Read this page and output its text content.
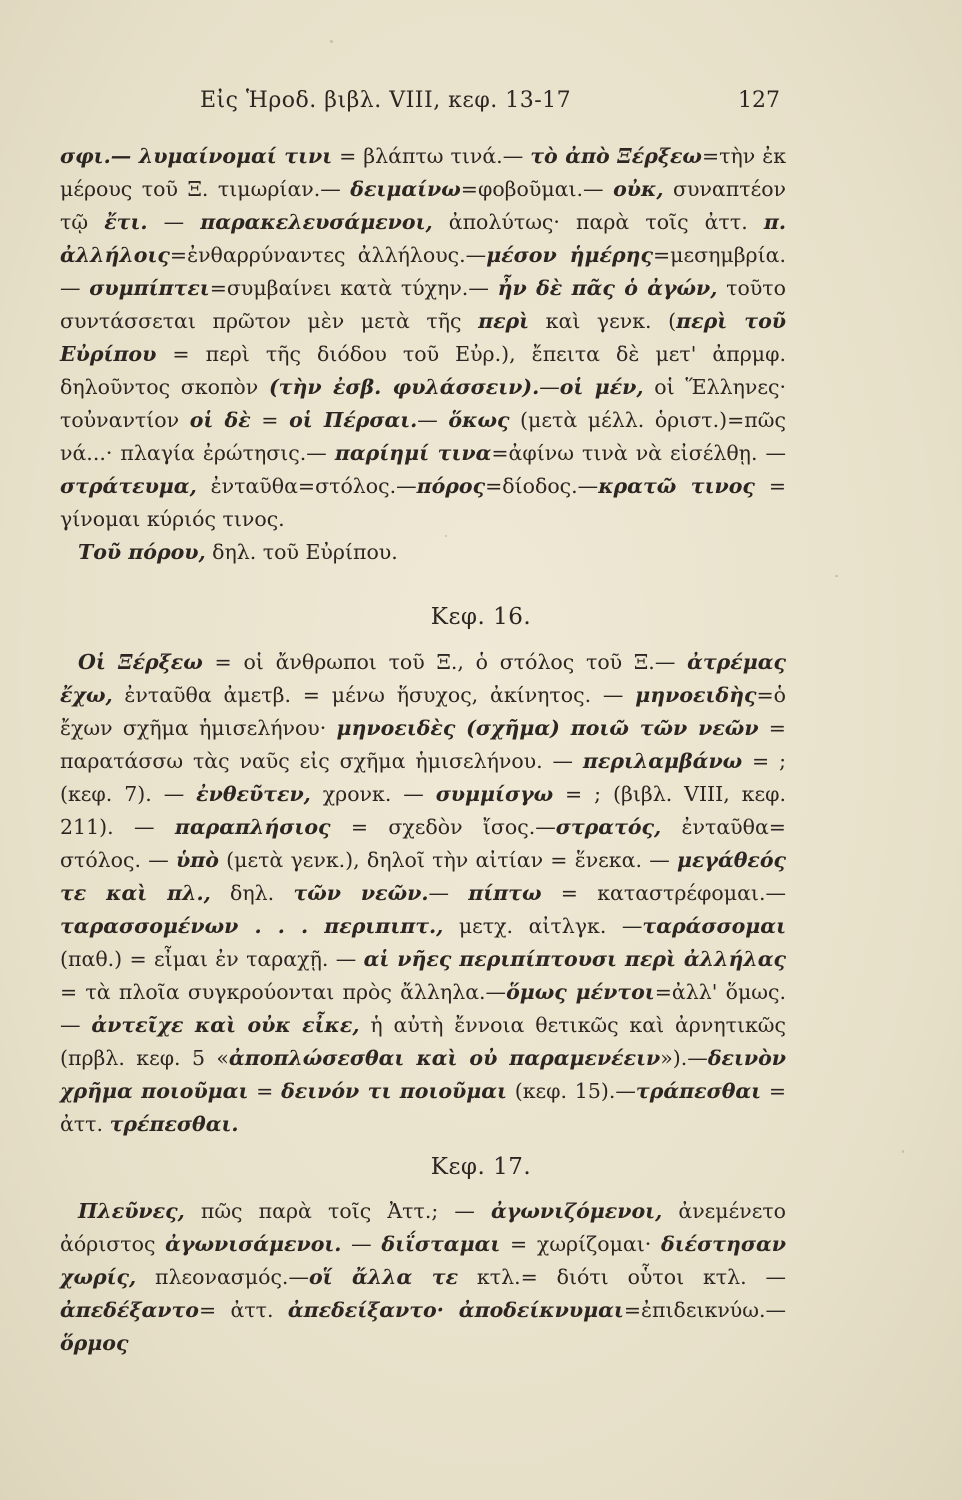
Εἰς Ἡροδ. βιβλ. VIII, κεφ. 13-17	127

σφι.— λυμαίνομαί τινι = βλάπτω τινά.— τὸ ἀπὸ Ξέρξεω=τὴν ἐκ μέρους τοῦ Ξ. τιμωρίαν.— δειμαίνω=φοβοῦμαι.— οὐκ, συναπτέον τῷ ἔτι. — παρακελευσάμενοι, ἀπολύτως· παρὰ τοῖς ἀττ. π. ἀλλήλοις=ἐνθαρρύναντες ἀλλήλους.—μέσον ἡμέρης=μεσημβρία.— συμπίπτει=συμβαίνει κατὰ τύχην.— ἦν δὲ πᾶς ὁ ἀγών, τοῦτο συντάσσεται πρῶτον μὲν μετὰ τῆς περὶ καὶ γενκ. (περὶ τοῦ Εὐρίπου = περὶ τῆς διόδου τοῦ Εὐρ.), ἔπειτα δὲ μετ' ἀπρμφ. δηλοῦντος σκοπὸν (τὴν ἐσβ. φυλάσσειν).—οἱ μέν, οἱ Ἕλληνες· τοὐναντίον οἱ δὲ = οἱ Πέρσαι.— ὅκως (μετὰ μέλλ. ὁριστ.)=πῶς νά...· πλαγία ἐρώτησις.— παρίημί τινα=ἀφίνω τινὰ νὰ εἰσέλθῃ. — στράτευμα, ἐνταῦθα=στόλος.—πόρος=δίοδος.—κρατῶ τινος = γίνομαι κύριός τινος.

Τοῦ πόρου, δηλ. τοῦ Εὐρίπου.

Κεφ. 16.

Οἱ Ξέρξεω = οἱ ἄνθρωποι τοῦ Ξ., ὁ στόλος τοῦ Ξ.— ἀτρέμας ἔχω, ἐνταῦθα ἀμετβ. = μένω ἥσυχος, ἀκίνητος. — μηνοειδὴς=ὁ ἔχων σχῆμα ἡμισελήνου· μηνοειδὲς (σχῆμα) ποιῶ τῶν νεῶν = παρατάσσω τὰς ναῦς εἰς σχῆμα ἡμισελήνου. — περιλαμβάνω = ; (κεφ. 7). — ἐνθεῦτεν, χρονκ. — συμμίσγω = ; (βιβλ. VIII, κεφ. 211). — παραπλήσιος = σχεδὸν ἴσος.—στρατός, ἐνταῦθα= στόλος. — ὑπὸ (μετὰ γενκ.), δηλοῖ τὴν αἰτίαν = ἕνεκα. — μεγάθεός τε καὶ πλ., δηλ. τῶν νεῶν.— πίπτω = καταστρέφομαι.— ταρασσομένων . . . περιπιπτ., μετχ. αἰτλγκ. —ταράσσομαι (παθ.) = εἶμαι ἐν ταραχῇ. — αἱ νῆες περιπίπτουσι περὶ ἀλλήλας = τὰ πλοῖα συγκρούονται πρὸς ἄλληλα.—ὅμως μέντοι=ἀλλ' ὅμως. — ἀντεῖχε καὶ οὐκ εἶκε, ἡ αὐτὴ ἔννοια θετικῶς καὶ ἀρνητικῶς (πρβλ. κεφ. 5 «ἀποπλώσεσθαι καὶ οὐ παραμενέειν»).—δεινὸν χρῆμα ποιοῦμαι = δεινόν τι ποιοῦμαι (κεφ. 15).—τράπεσθαι = ἀττ. τρέπεσθαι.

Κεφ. 17.

Πλεῦνες, πῶς παρὰ τοῖς Ἀττ.; — ἀγωνιζόμενοι, ἀνεμένετο ἀόριστος ἀγωνισάμενοι. — διΐσταμαι = χωρίζομαι· διέστησαν χωρίς, πλεονασμός.—οἵ ἄλλα τε κτλ.= διότι οὗτοι κτλ. — ἀπεδέξαντο= ἀττ. ἀπεδείξαντο· ἀποδείκνυμαι=ἐπιδεικνύω.—ὅρμος
